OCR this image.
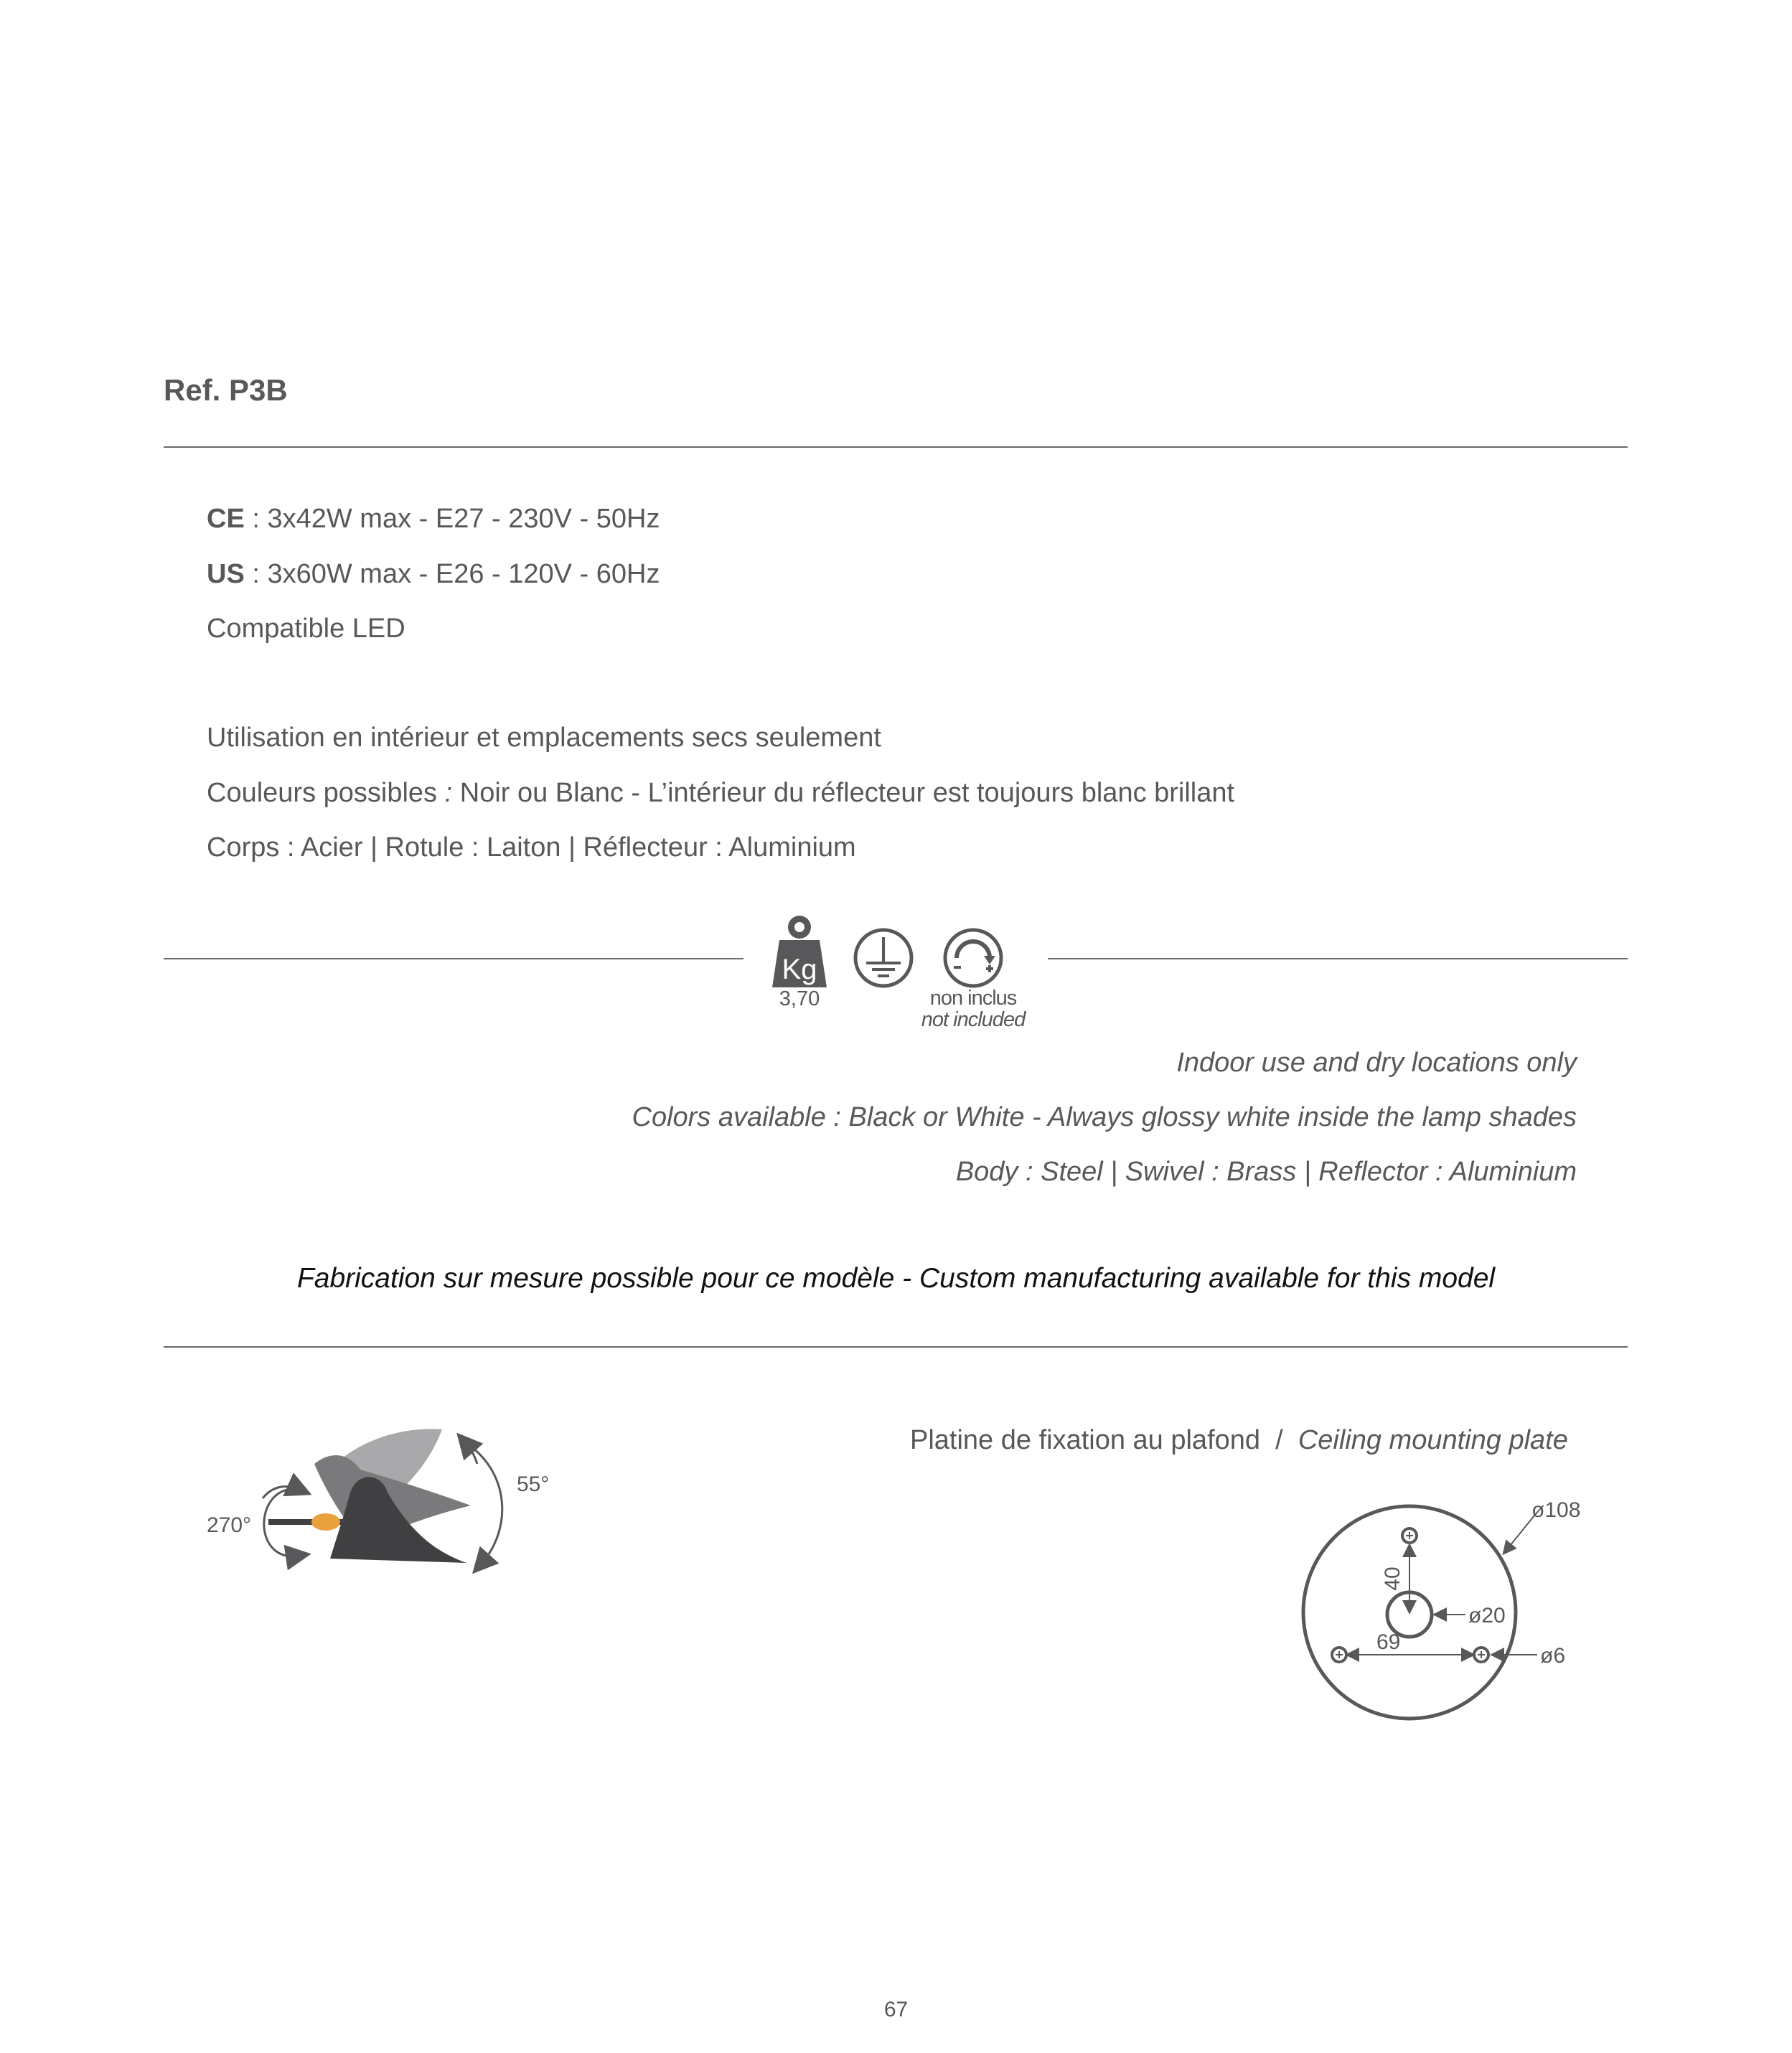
Ref. P3B
CE : 3x42W max - E27 - 230V - 50Hz
US : 3x60W max - E26 - 120V - 60Hz
Compatible LED
Utilisation en intérieur et emplacements secs seulement
Couleurs possibles : Noir ou Blanc - L’intérieur du réflecteur est toujours blanc brillant
Corps : Acier | Rotule : Laiton | Réflecteur : Aluminium
Kg
3,70	non inclus
not included
Indoor use and dry locations only
Colors available : Black or White - Always glossy white inside the lamp shades
Body : Steel | Swivel : Brass | Reflector : Aluminium
Fabrication sur mesure possible pour ce modèle - Custom manufacturing available for this model
270°
55°
Platine de fixation au plafond  /  Ceiling mounting plate
40
69
ø108
ø20
ø6
67
